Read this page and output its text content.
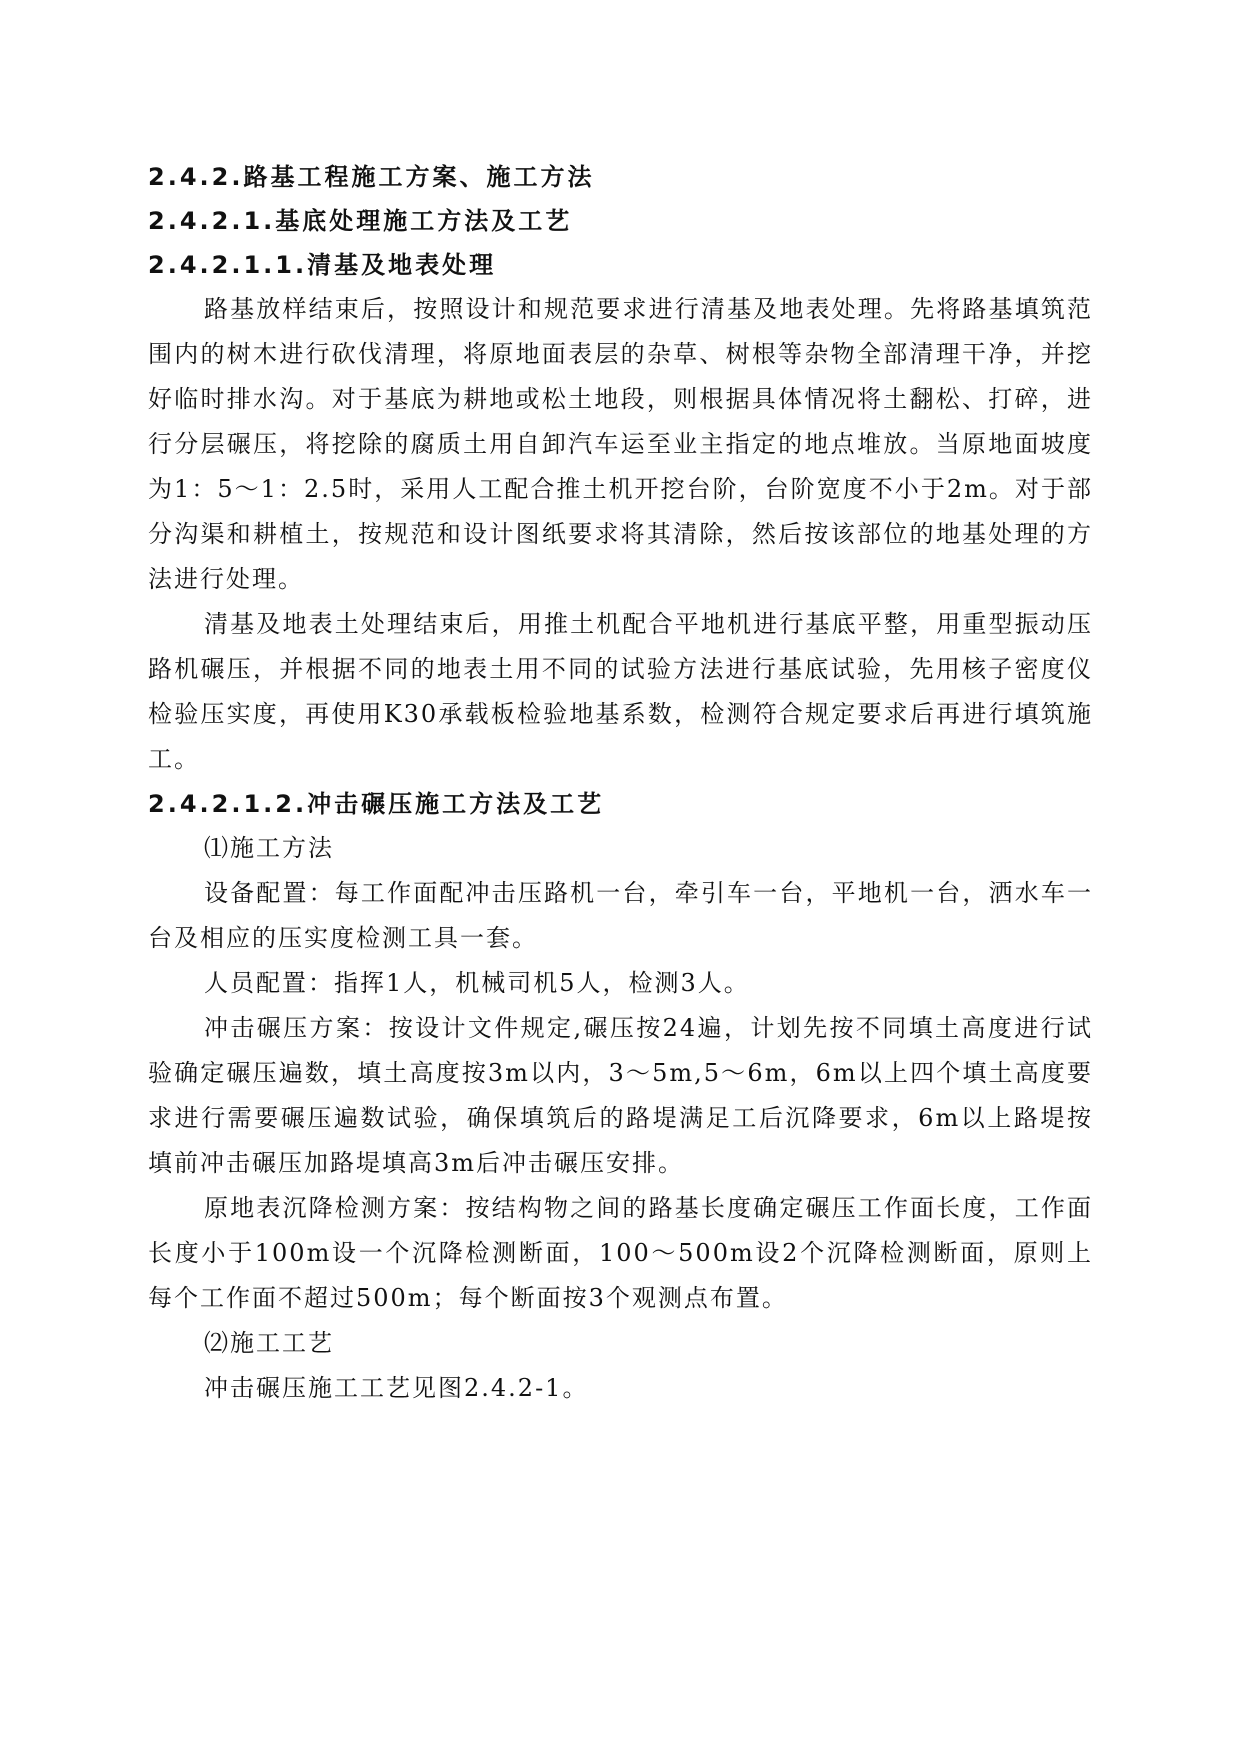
2.4.2.路基工程施工方案、施工方法
2.4.2.1.基底处理施工方法及工艺
2.4.2.1.1.清基及地表处理

路基放样结束后，按照设计和规范要求进行清基及地表处理。先将路基填筑范围内的树木进行砍伐清理，将原地面表层的杂草、树根等杂物全部清理干净，并挖好临时排水沟。对于基底为耕地或松土地段，则根据具体情况将土翻松、打碎，进行分层碾压，将挖除的腐质土用自卸汽车运至业主指定的地点堆放。当原地面坡度为1：5～1：2.5时，采用人工配合推土机开挖台阶，台阶宽度不小于2m。对于部分沟渠和耕植土，按规范和设计图纸要求将其清除，然后按该部位的地基处理的方法进行处理。

清基及地表土处理结束后，用推土机配合平地机进行基底平整，用重型振动压路机碾压，并根据不同的地表土用不同的试验方法进行基底试验，先用核子密度仪检验压实度，再使用K30承载板检验地基系数，检测符合规定要求后再进行填筑施工。

2.4.2.1.2.冲击碾压施工方法及工艺
⑴施工方法

设备配置：每工作面配冲击压路机一台，牵引车一台，平地机一台，洒水车一台及相应的压实度检测工具一套。

人员配置：指挥1人，机械司机5人，检测3人。

冲击碾压方案：按设计文件规定,碾压按24遍，计划先按不同填土高度进行试验确定碾压遍数，填土高度按3m以内，3～5m,5～6m，6m以上四个填土高度要求进行需要碾压遍数试验，确保填筑后的路堤满足工后沉降要求，6m以上路堤按填前冲击碾压加路堤填高3m后冲击碾压安排。

原地表沉降检测方案：按结构物之间的路基长度确定碾压工作面长度，工作面长度小于100m设一个沉降检测断面，100～500m设2个沉降检测断面，原则上每个工作面不超过500m；每个断面按3个观测点布置。

⑵施工工艺

冲击碾压施工工艺见图2.4.2-1。
